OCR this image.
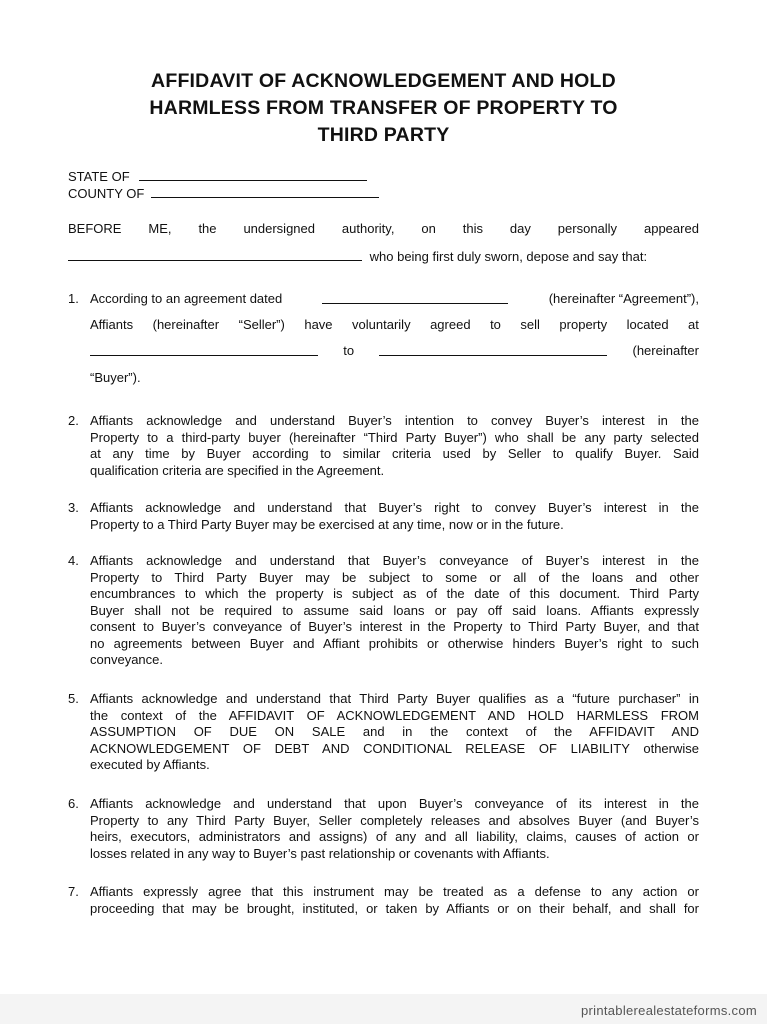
AFFIDAVIT OF ACKNOWLEDGEMENT AND HOLD
HARMLESS FROM TRANSFER OF PROPERTY TO
THIRD PARTY
STATE OF
COUNTY OF
BEFORE ME, the undersigned authority, on this day personally appeared
who being first duly sworn, depose and say that:
1. According to an agreement dated	(hereinafter “Agreement”),
Affiants (hereinafter “Seller”) have voluntarily agreed to sell property located at
to	(hereinafter
“Buyer”).
2. Affiants acknowledge and understand Buyer’s intention to convey Buyer’s interest in the
Property to a third-party buyer (hereinafter “Third Party Buyer”) who shall be any party selected
at any time by Buyer according to similar criteria used by Seller to qualify Buyer. Said
qualification criteria are specified in the Agreement.
3. Affiants acknowledge and understand that Buyer’s right to convey Buyer’s interest in the
Property to a Third Party Buyer may be exercised at any time, now or in the future.
4. Affiants acknowledge and understand that Buyer’s conveyance of Buyer’s interest in the
Property to Third Party Buyer may be subject to some or all of the loans and other
encumbrances to which the property is subject as of the date of this document. Third Party
Buyer shall not be required to assume said loans or pay off said loans. Affiants expressly
consent to Buyer’s conveyance of Buyer’s interest in the Property to Third Party Buyer, and that
no agreements between Buyer and Affiant prohibits or otherwise hinders Buyer’s right to such
conveyance.
5. Affiants acknowledge and understand that Third Party Buyer qualifies as a “future purchaser” in
the context of the AFFIDAVIT OF ACKNOWLEDGEMENT AND HOLD HARMLESS FROM
ASSUMPTION OF DUE ON SALE and in the context of the AFFIDAVIT AND
ACKNOWLEDGEMENT OF DEBT AND CONDITIONAL RELEASE OF LIABILITY otherwise
executed by Affiants.
6. Affiants acknowledge and understand that upon Buyer’s conveyance of its interest in the
Property to any Third Party Buyer, Seller completely releases and absolves Buyer (and Buyer’s
heirs, executors, administrators and assigns) of any and all liability, claims, causes of action or
losses related in any way to Buyer’s past relationship or covenants with Affiants.
7. Affiants expressly agree that this instrument may be treated as a defense to any action or
proceeding that may be brought, instituted, or taken by Affiants or on their behalf, and shall for
printablerealestateforms.com
